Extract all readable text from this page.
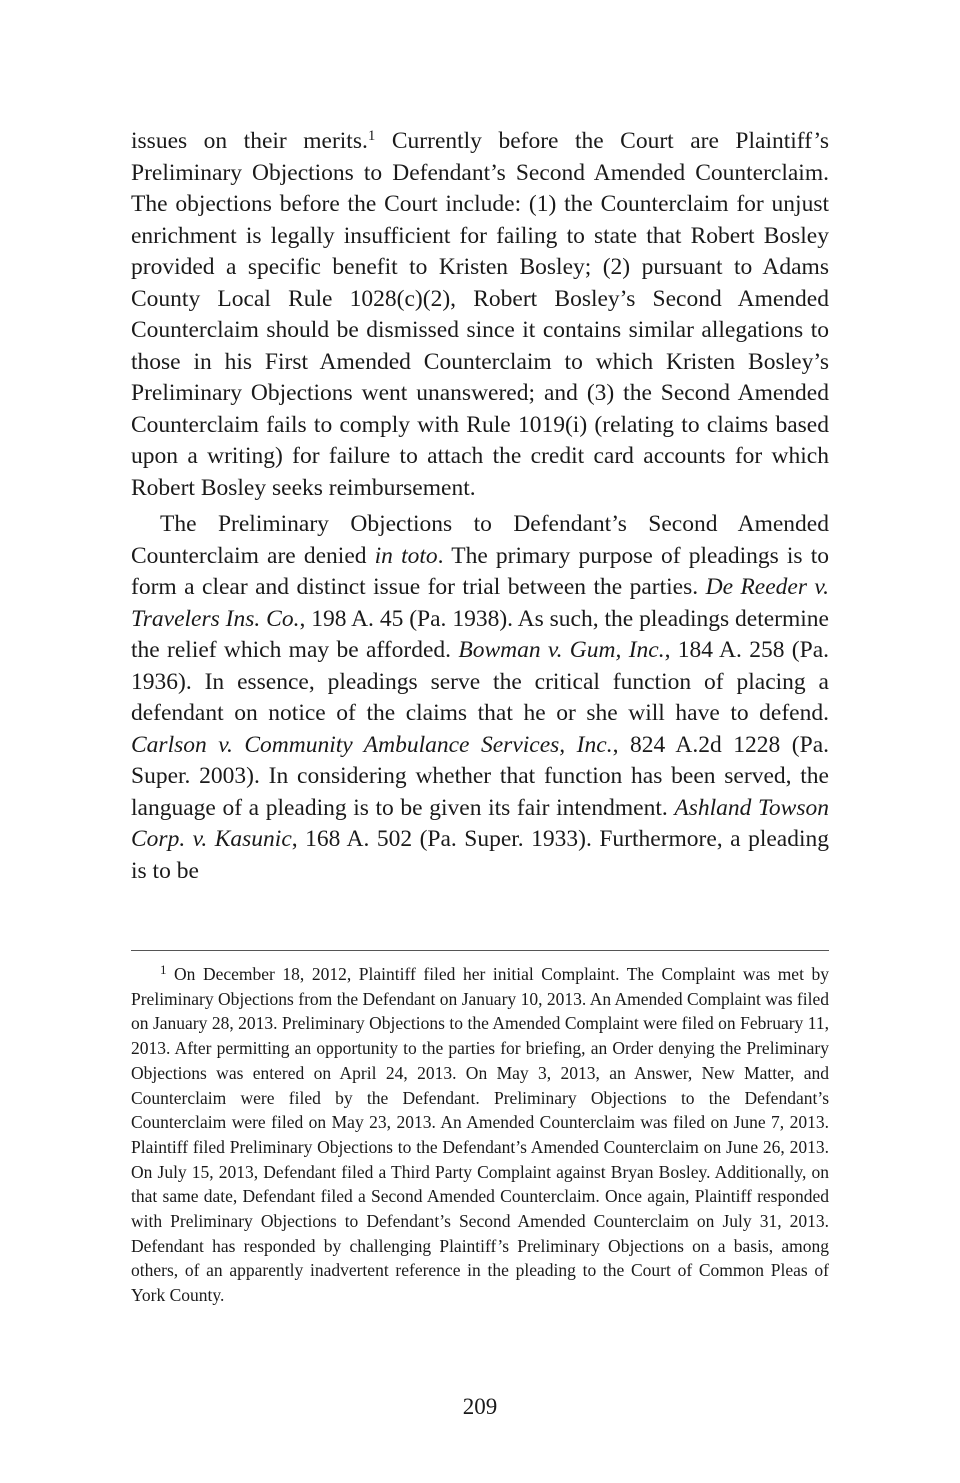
issues on their merits.$^1$ Currently before the Court are Plaintiff’s Preliminary Objections to Defendant’s Second Amended Counterclaim. The objections before the Court include: (1) the Counterclaim for unjust enrichment is legally insufficient for failing to state that Robert Bosley provided a specific benefit to Kristen Bosley; (2) pursuant to Adams County Local Rule 1028(c)(2), Robert Bosley’s Second Amended Counterclaim should be dismissed since it contains similar allegations to those in his First Amended Counterclaim to which Kristen Bosley’s Preliminary Objections went unanswered; and (3) the Second Amended Counterclaim fails to comply with Rule 1019(i) (relating to claims based upon a writing) for failure to attach the credit card accounts for which Robert Bosley seeks reimbursement.

The Preliminary Objections to Defendant’s Second Amended Counterclaim are denied in toto. The primary purpose of pleadings is to form a clear and distinct issue for trial between the parties. De Reeder v. Travelers Ins. Co., 198 A. 45 (Pa. 1938). As such, the pleadings determine the relief which may be afforded. Bowman v. Gum, Inc., 184 A. 258 (Pa. 1936). In essence, pleadings serve the critical function of placing a defendant on notice of the claims that he or she will have to defend. Carlson v. Community Ambulance Services, Inc., 824 A.2d 1228 (Pa. Super. 2003). In considering whether that function has been served, the language of a pleading is to be given its fair intendment. Ashland Towson Corp. v. Kasunic, 168 A. 502 (Pa. Super. 1933). Furthermore, a pleading is to be

$^1$ On December 18, 2012, Plaintiff filed her initial Complaint. The Complaint was met by Preliminary Objections from the Defendant on January 10, 2013. An Amended Complaint was filed on January 28, 2013. Preliminary Objections to the Amended Complaint were filed on February 11, 2013. After permitting an opportunity to the parties for briefing, an Order denying the Preliminary Objections was entered on April 24, 2013. On May 3, 2013, an Answer, New Matter, and Counterclaim were filed by the Defendant. Preliminary Objections to the Defendant’s Counterclaim were filed on May 23, 2013. An Amended Counterclaim was filed on June 7, 2013. Plaintiff filed Preliminary Objections to the Defendant’s Amended Counterclaim on June 26, 2013. On July 15, 2013, Defendant filed a Third Party Complaint against Bryan Bosley. Additionally, on that same date, Defendant filed a Second Amended Counterclaim. Once again, Plaintiff responded with Preliminary Objections to Defendant’s Second Amended Counterclaim on July 31, 2013. Defendant has responded by challenging Plaintiff’s Preliminary Objections on a basis, among others, of an apparently inadvertent reference in the pleading to the Court of Common Pleas of York County.

209
